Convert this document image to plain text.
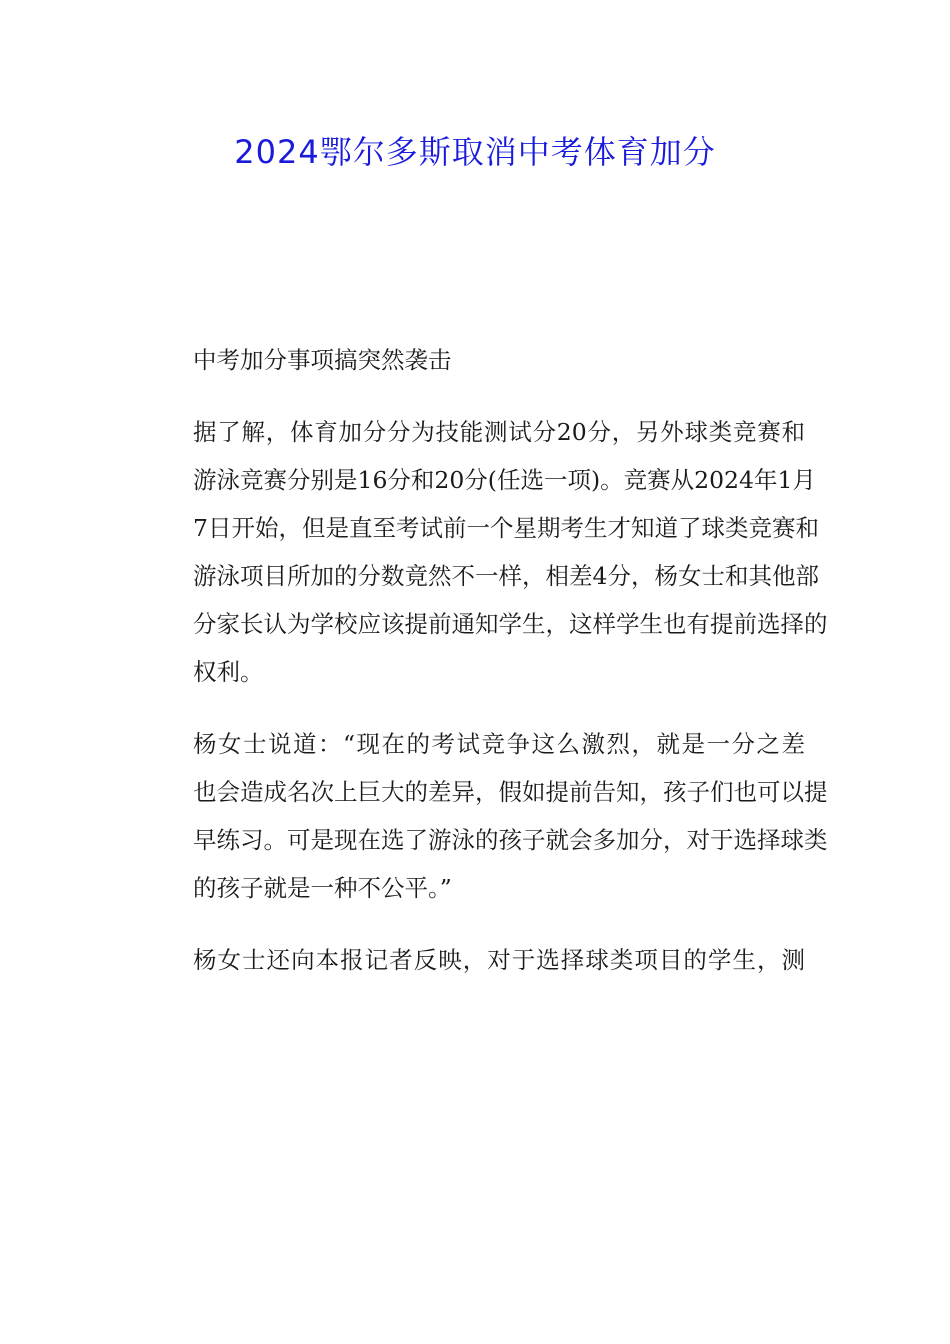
2024鄂尔多斯取消中考体育加分
中考加分事项搞突然袭击
据了解，体育加分分为技能测试分20分，另外球类竞赛和
游泳竞赛分别是16分和20分(任选一项)。竞赛从2024年1月
7日开始，但是直至考试前一个星期考生才知道了球类竞赛和
游泳项目所加的分数竟然不一样，相差4分，杨女士和其他部
分家长认为学校应该提前通知学生，这样学生也有提前选择的
权利。
杨女士说道：“现在的考试竞争这么激烈，就是一分之差
也会造成名次上巨大的差异，假如提前告知，孩子们也可以提
早练习。可是现在选了游泳的孩子就会多加分，对于选择球类
的孩子就是一种不公平。”
杨女士还向本报记者反映，对于选择球类项目的学生，测
